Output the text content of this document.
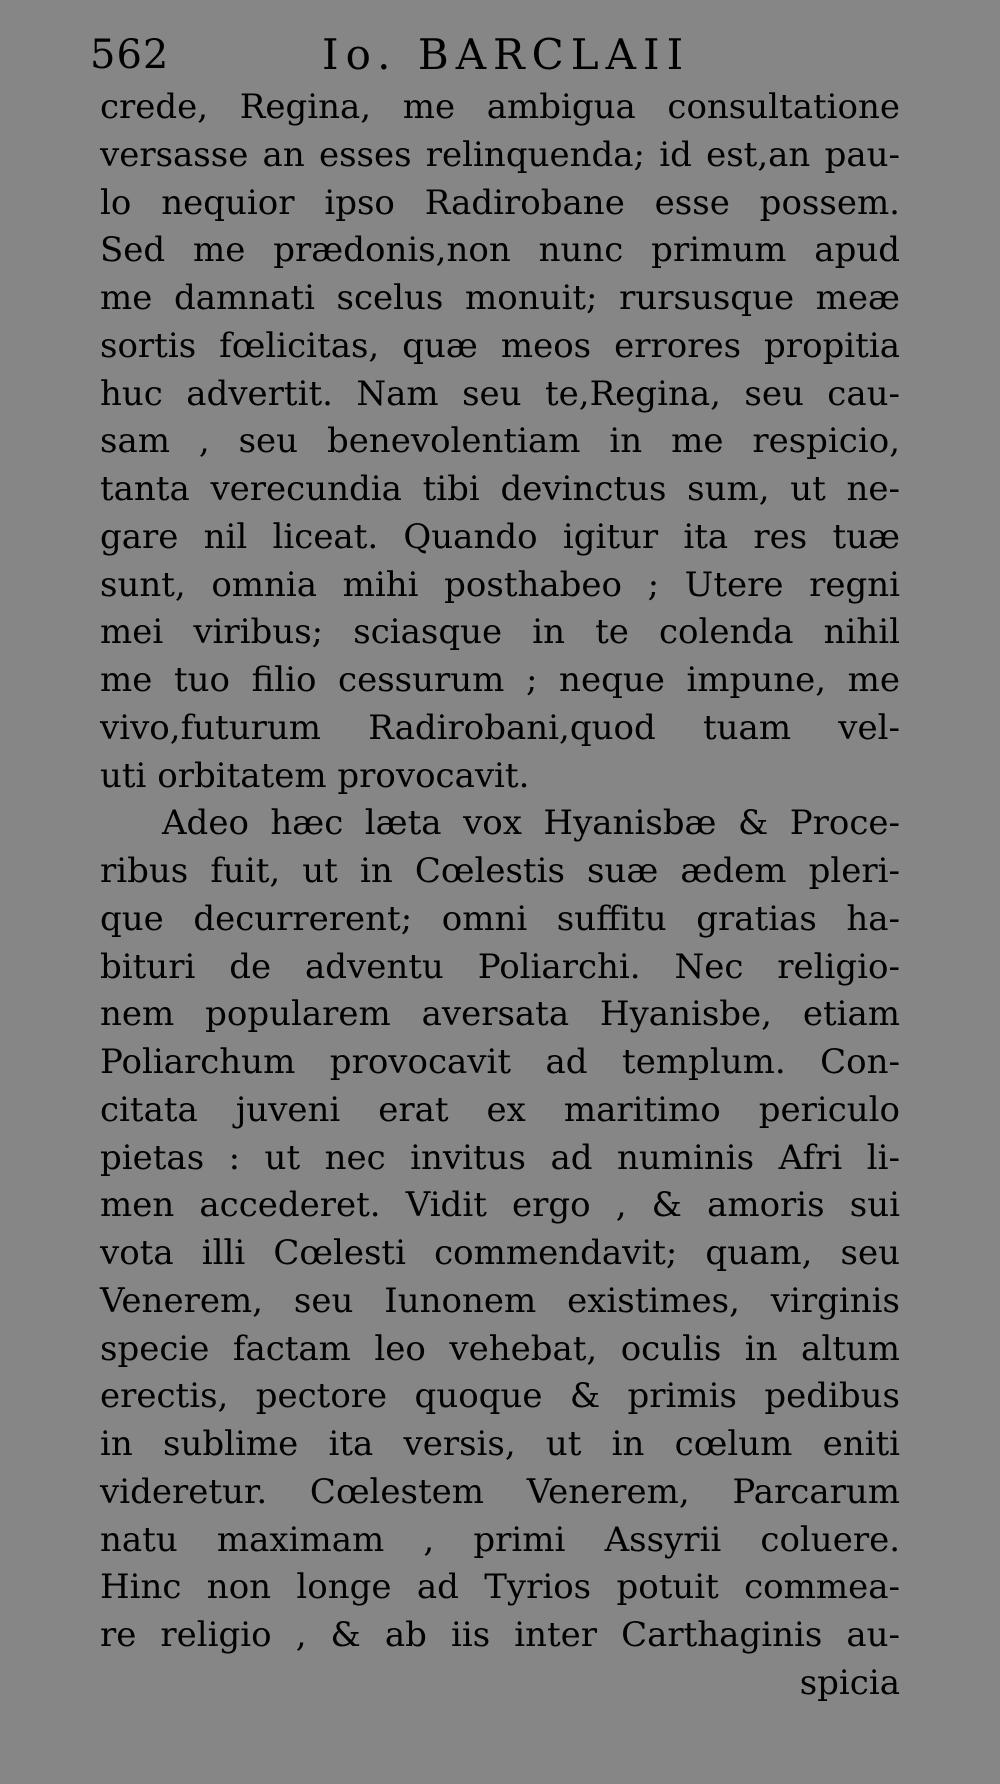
562	Io. BARCLAII
crede, Regina, me ambigua consultatione
versasse an esses relinquenda; id est,an pau-
lo nequior ipso Radirobane esse possem.
Sed me prædonis,non nunc primum apud
me damnati scelus monuit; rursusque meæ
sortis fœlicitas, quæ meos errores propitia
huc advertit. Nam seu te,Regina, seu cau-
sam , seu benevolentiam in me respicio,
tanta verecundia tibi devinctus sum, ut ne-
gare nil liceat. Quando igitur ita res tuæ
sunt, omnia mihi posthabeo ; Utere regni
mei viribus; sciasque in te colenda nihil
me tuo filio cessurum ; neque impune, me
vivo,futurum Radirobani,quod tuam vel-
uti orbitatem provocavit.
Adeo hæc læta vox Hyanisbæ & Proce-
ribus fuit, ut in Cœlestis suæ ædem pleri-
que decurrerent; omni suffitu gratias ha-
bituri de adventu Poliarchi. Nec religio-
nem popularem aversata Hyanisbe, etiam
Poliarchum provocavit ad templum. Con-
citata juveni erat ex maritimo periculo
pietas : ut nec invitus ad numinis Afri li-
men accederet. Vidit ergo , & amoris sui
vota illi Cœlesti commendavit; quam, seu
Venerem, seu Iunonem existimes, virginis
specie factam leo vehebat, oculis in altum
erectis, pectore quoque & primis pedibus
in sublime ita versis, ut in cœlum eniti
videretur. Cœlestem Venerem, Parcarum
natu maximam , primi Assyrii coluere.
Hinc non longe ad Tyrios potuit commea-
re religio , & ab iis inter Carthaginis au-
spicia
